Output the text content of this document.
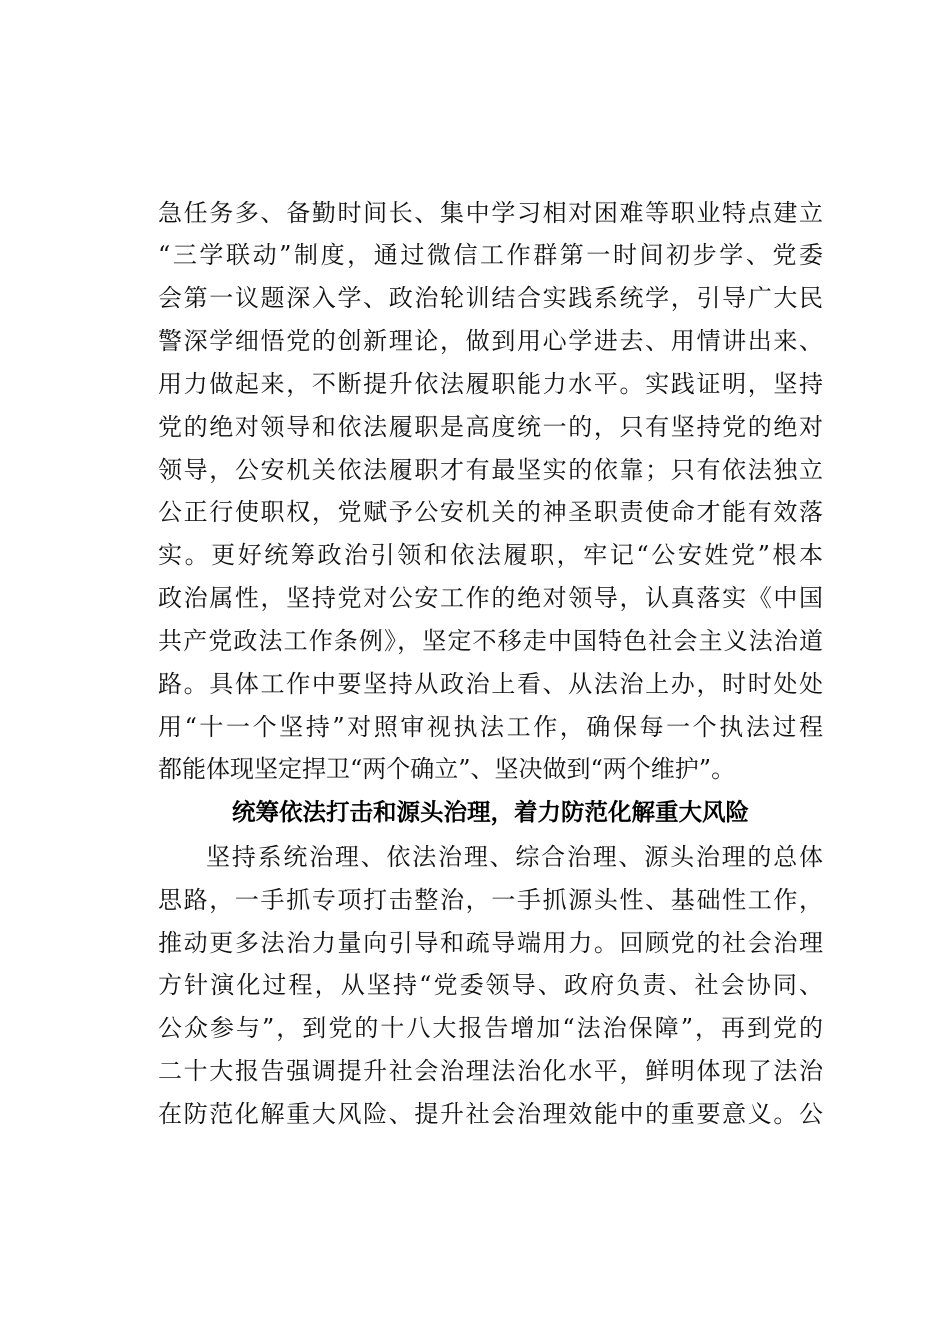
急任务多、备勤时间长、集中学习相对困难等职业特点建立
“三学联动”制度，通过微信工作群第一时间初步学、党委
会第一议题深入学、政治轮训结合实践系统学，引导广大民
警深学细悟党的创新理论，做到用心学进去、用情讲出来、
用力做起来，不断提升依法履职能力水平。实践证明，坚持
党的绝对领导和依法履职是高度统一的，只有坚持党的绝对
领导，公安机关依法履职才有最坚实的依靠；只有依法独立
公正行使职权，党赋予公安机关的神圣职责使命才能有效落
实。更好统筹政治引领和依法履职，牢记“公安姓党”根本
政治属性，坚持党对公安工作的绝对领导，认真落实《中国
共产党政法工作条例》，坚定不移走中国特色社会主义法治道
路。具体工作中要坚持从政治上看、从法治上办，时时处处
用“十一个坚持”对照审视执法工作，确保每一个执法过程
都能体现坚定捍卫“两个确立”、坚决做到“两个维护”。
统筹依法打击和源头治理，着力防范化解重大风险
坚持系统治理、依法治理、综合治理、源头治理的总体
思路，一手抓专项打击整治，一手抓源头性、基础性工作，
推动更多法治力量向引导和疏导端用力。回顾党的社会治理
方针演化过程，从坚持“党委领导、政府负责、社会协同、
公众参与”，到党的十八大报告增加“法治保障”，再到党的
二十大报告强调提升社会治理法治化水平，鲜明体现了法治
在防范化解重大风险、提升社会治理效能中的重要意义。公
